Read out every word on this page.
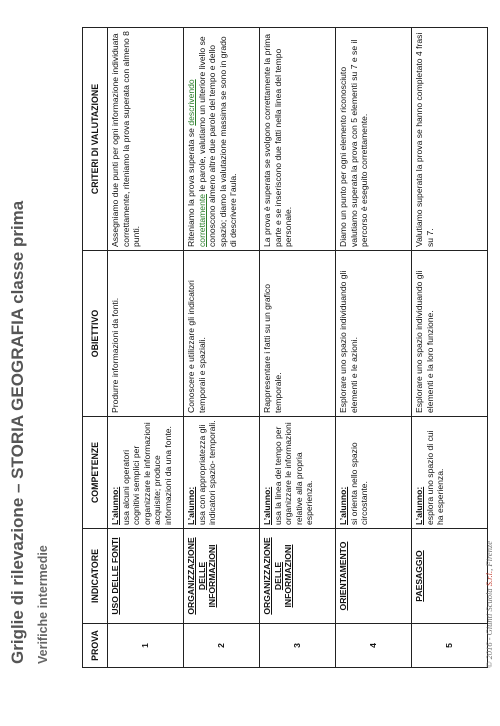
Griglie di rilevazione – STORIA GEOGRAFIA classe prima Verifiche intermedie	PROVA	INDICATORE	COMPETENZE	OBIETTIVO	CRITERI DI VALUTAZIONE
1	USO DELLE FONTI	L’alunno: usa alcuni operatori cognitivi semplici per organizzare le informazioni acquisite; produce informazioni da una fonte.	Produrre informazioni da fonti.	Assegniamo due punti per ogni informazione individuata correttamente, riteniamo la prova superata con almeno 8 punti.
2	ORGANIZZAZIONE DELLE INFORMAZIONI	L’alunno: usa con appropriatezza gli indicatori spazio- temporali.	Conoscere e utilizzare gli indicatori temporali e spaziali.	Riteniamo la prova superata se descrivendo correttamente le parole, valutiamo un ulteriore livello se conoscono almeno altre due parole del tempo e dello spazio; diamo la valutazione massima se sono in grado di descrivere l’aula.
3	ORGANIZZAZIONE DELLE INFORMAZIONI	L’alunno: usa la linea del tempo per organizzare le informazioni relative alla propria esperienza.	Rappresentare i fatti su un grafico temporale.	La prova è superata se svolgono correttamente la prima parte e se inseriscono due fatti nella linea del tempo personale.
4	ORIENTAMENTO	L’alunno: si orienta nello spazio circostante.	Esplorare uno spazio individuando gli elementi e le azioni.	Diamo un punto per ogni elemento riconosciuto valutiamo superata la prova con 5 elementi su 7 e se il percorso è eseguito correttamente.
5	PAESAGGIO	L’alunno: esplora uno spazio di cui ha esperienza.	Esplorare uno spazio individuando gli elementi e la loro funzione.	Valutiamo superata la prova se hanno completato 4 frasi su 7.
© 2016 - Giunti Scuola S.r.l., Firenze
